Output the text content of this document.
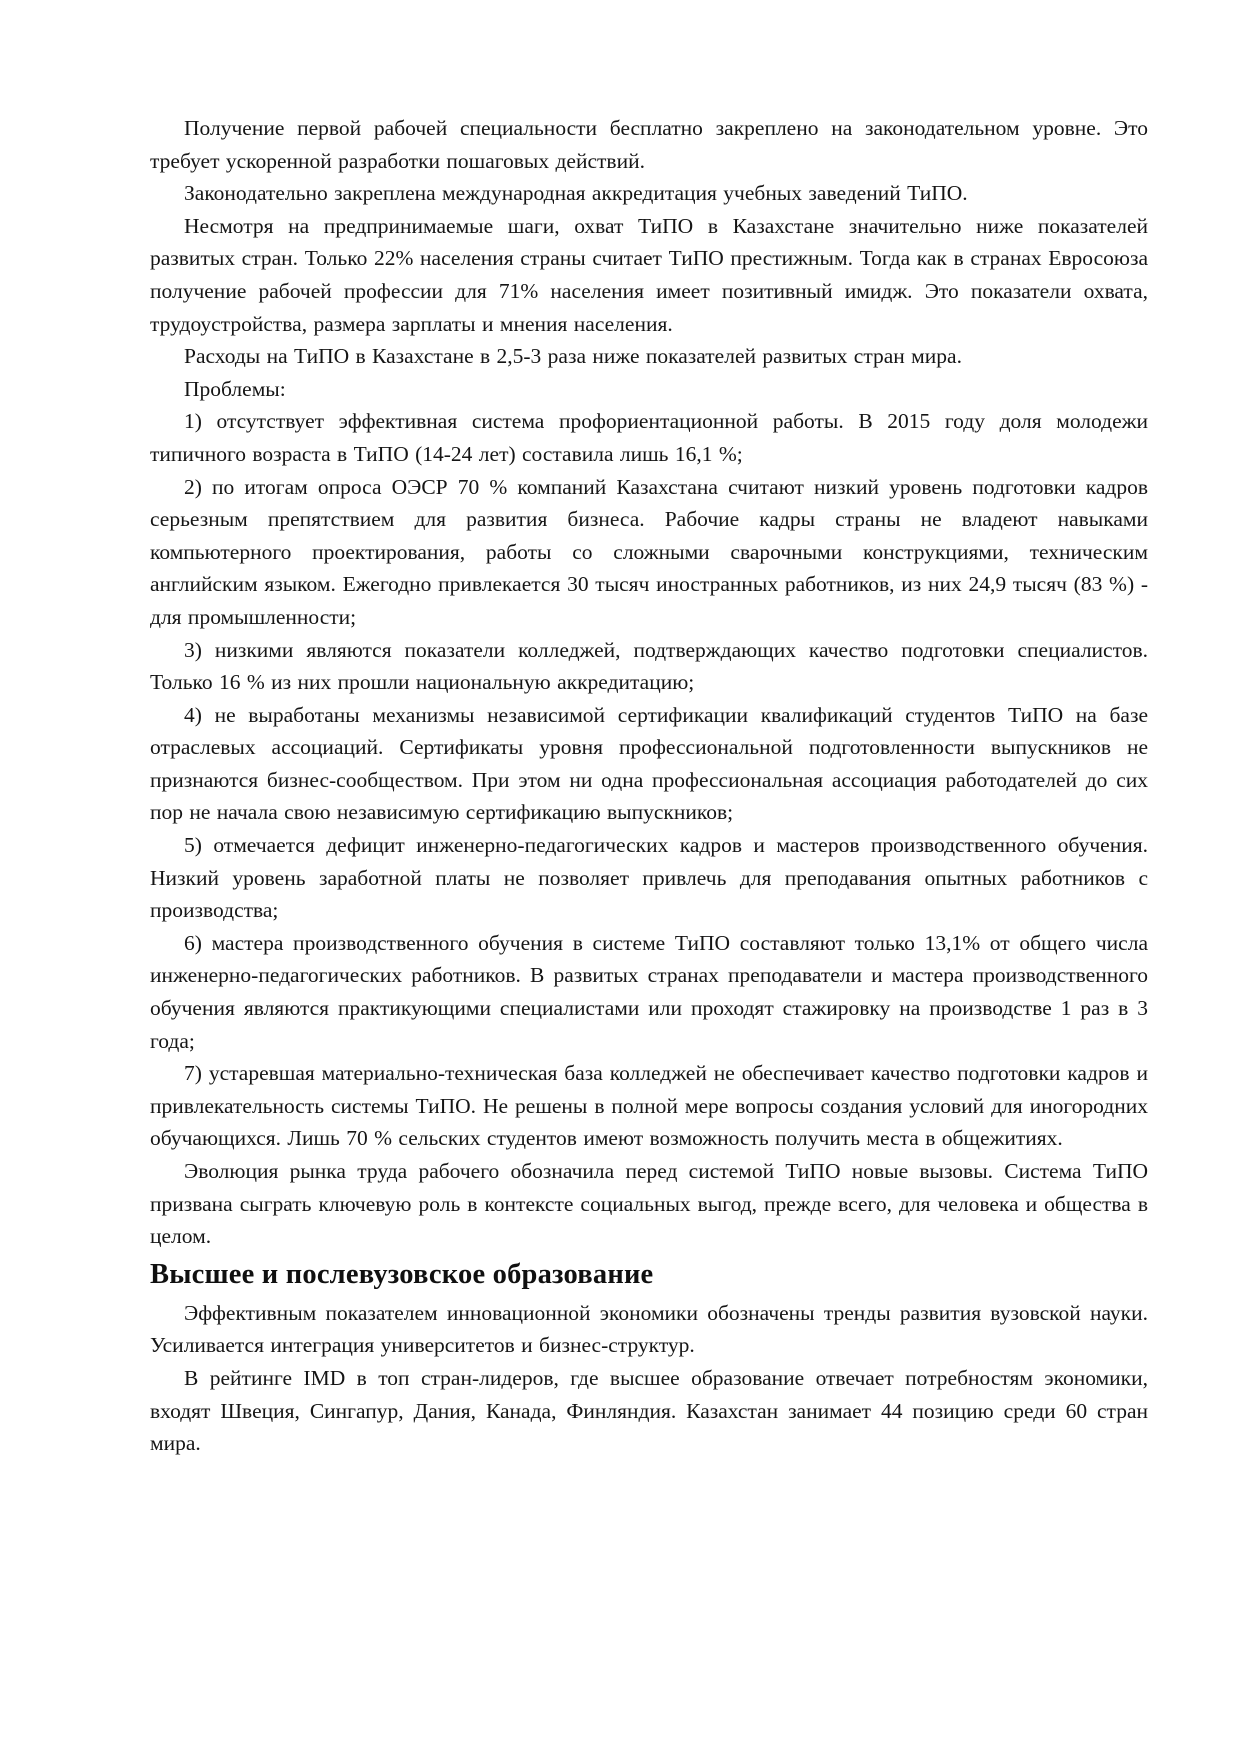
Получение первой рабочей специальности бесплатно закреплено на законодательном уровне. Это требует ускоренной разработки пошаговых действий.

Законодательно закреплена международная аккредитация учебных заведений ТиПО.

Несмотря на предпринимаемые шаги, охват ТиПО в Казахстане значительно ниже показателей развитых стран. Только 22% населения страны считает ТиПО престижным. Тогда как в странах Евросоюза получение рабочей профессии для 71% населения имеет позитивный имидж. Это показатели охвата, трудоустройства, размера зарплаты и мнения населения.

Расходы на ТиПО в Казахстане в 2,5-3 раза ниже показателей развитых стран мира.

Проблемы:

1) отсутствует эффективная система профориентационной работы. В 2015 году доля молодежи типичного возраста в ТиПО (14-24 лет) составила лишь 16,1 %;

2) по итогам опроса ОЭСР 70 % компаний Казахстана считают низкий уровень подготовки кадров серьезным препятствием для развития бизнеса. Рабочие кадры страны не владеют навыками компьютерного проектирования, работы со сложными сварочными конструкциями, техническим английским языком. Ежегодно привлекается 30 тысяч иностранных работников, из них 24,9 тысяч (83 %) - для промышленности;

3) низкими являются показатели колледжей, подтверждающих качество подготовки специалистов. Только 16 % из них прошли национальную аккредитацию;

4) не выработаны механизмы независимой сертификации квалификаций студентов ТиПО на базе отраслевых ассоциаций. Сертификаты уровня профессиональной подготовленности выпускников не признаются бизнес-сообществом. При этом ни одна профессиональная ассоциация работодателей до сих пор не начала свою независимую сертификацию выпускников;

5) отмечается дефицит инженерно-педагогических кадров и мастеров производственного обучения. Низкий уровень заработной платы не позволяет привлечь для преподавания опытных работников с производства;

6) мастера производственного обучения в системе ТиПО составляют только 13,1% от общего числа инженерно-педагогических работников. В развитых странах преподаватели и мастера производственного обучения являются практикующими специалистами или проходят стажировку на производстве 1 раз в 3 года;

7) устаревшая материально-техническая база колледжей не обеспечивает качество подготовки кадров и привлекательность системы ТиПО. Не решены в полной мере вопросы создания условий для иногородних обучающихся. Лишь 70 % сельских студентов имеют возможность получить места в общежитиях.

Эволюция рынка труда рабочего обозначила перед системой ТиПО новые вызовы. Система ТиПО призвана сыграть ключевую роль в контексте социальных выгод, прежде всего, для человека и общества в целом.

Высшее и послевузовское образование

Эффективным показателем инновационной экономики обозначены тренды развития вузовской науки. Усиливается интеграция университетов и бизнес-структур.

В рейтинге IMD в топ стран-лидеров, где высшее образование отвечает потребностям экономики, входят Швеция, Сингапур, Дания, Канада, Финляндия. Казахстан занимает 44 позицию среди 60 стран мира.
